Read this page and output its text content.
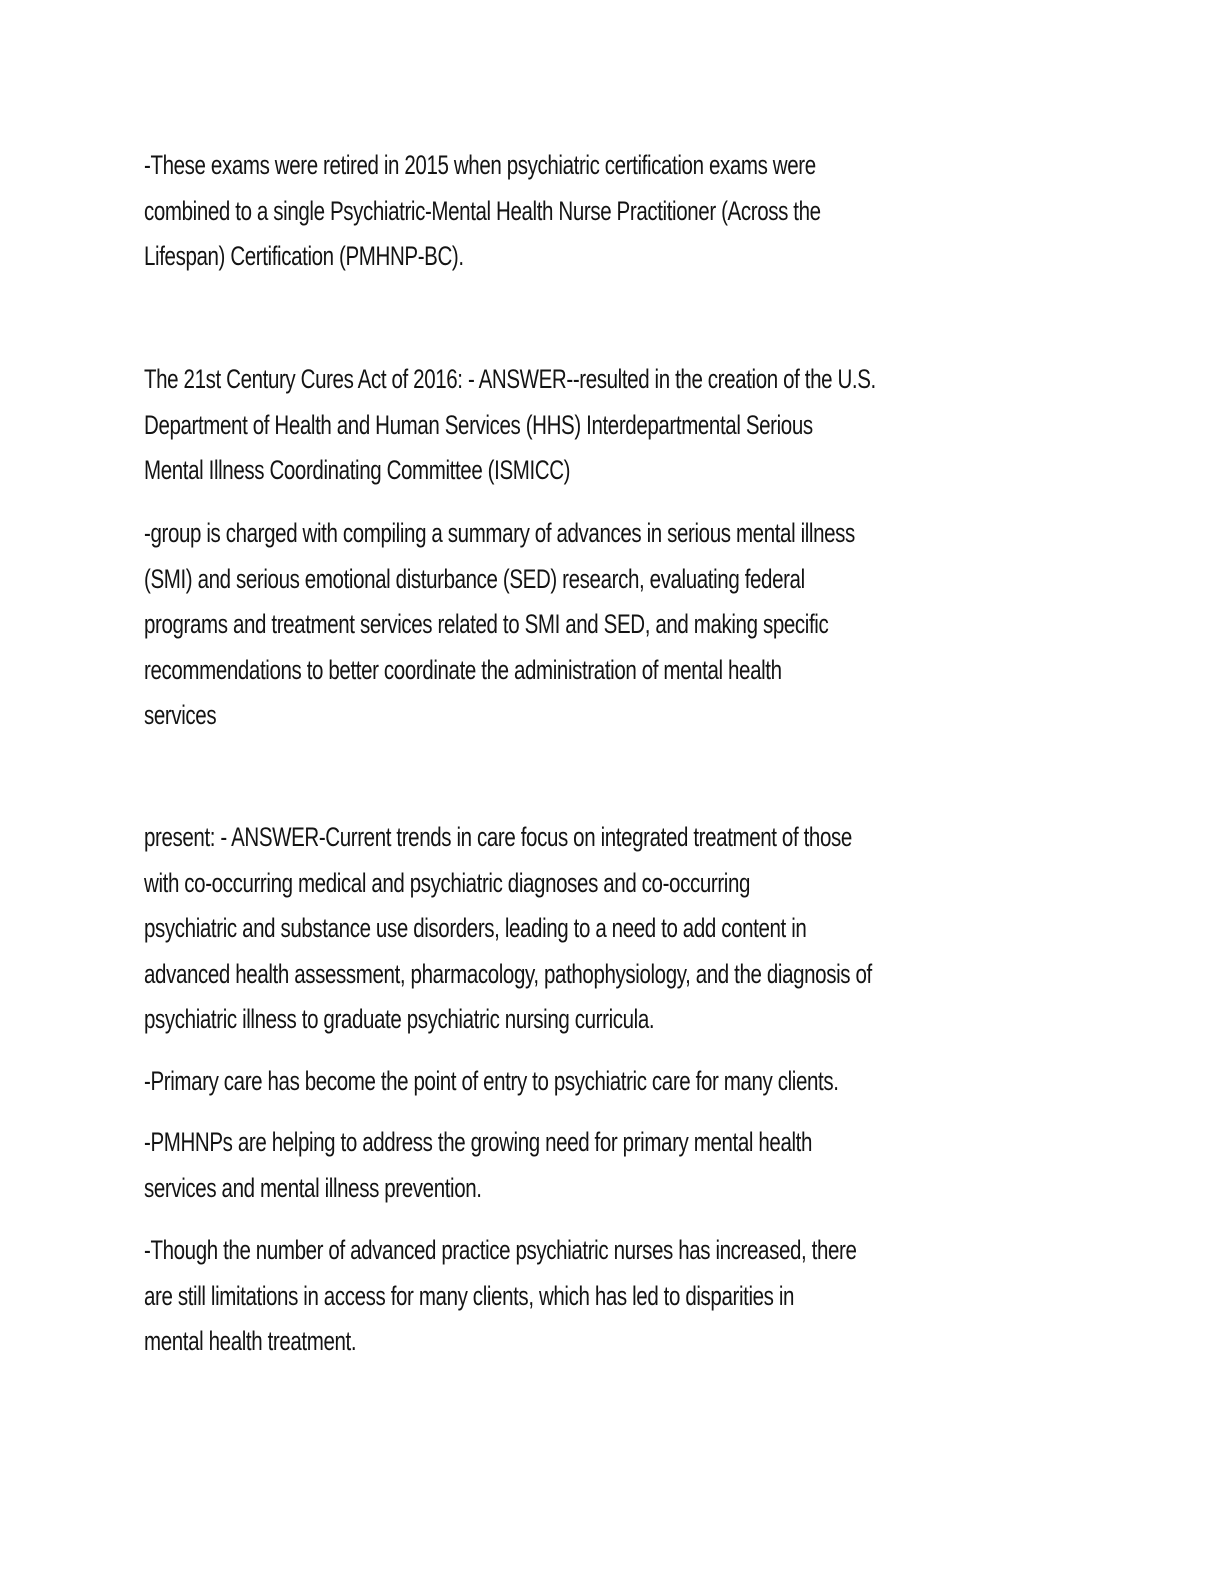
-These exams were retired in 2015 when psychiatric certification exams were
combined to a single Psychiatric-Mental Health Nurse Practitioner (Across the
Lifespan) Certification (PMHNP-BC).

The 21st Century Cures Act of 2016: - ANSWER--resulted in the creation of the U.S.
Department of Health and Human Services (HHS) Interdepartmental Serious
Mental Illness Coordinating Committee (ISMICC)

-group is charged with compiling a summary of advances in serious mental illness
(SMI) and serious emotional disturbance (SED) research, evaluating federal
programs and treatment services related to SMI and SED, and making specific
recommendations to better coordinate the administration of mental health
services

present: - ANSWER-Current trends in care focus on integrated treatment of those
with co-occurring medical and psychiatric diagnoses and co-occurring
psychiatric and substance use disorders, leading to a need to add content in
advanced health assessment, pharmacology, pathophysiology, and the diagnosis of
psychiatric illness to graduate psychiatric nursing curricula.

-Primary care has become the point of entry to psychiatric care for many clients.

-PMHNPs are helping to address the growing need for primary mental health
services and mental illness prevention.

-Though the number of advanced practice psychiatric nurses has increased, there
are still limitations in access for many clients, which has led to disparities in
mental health treatment.
